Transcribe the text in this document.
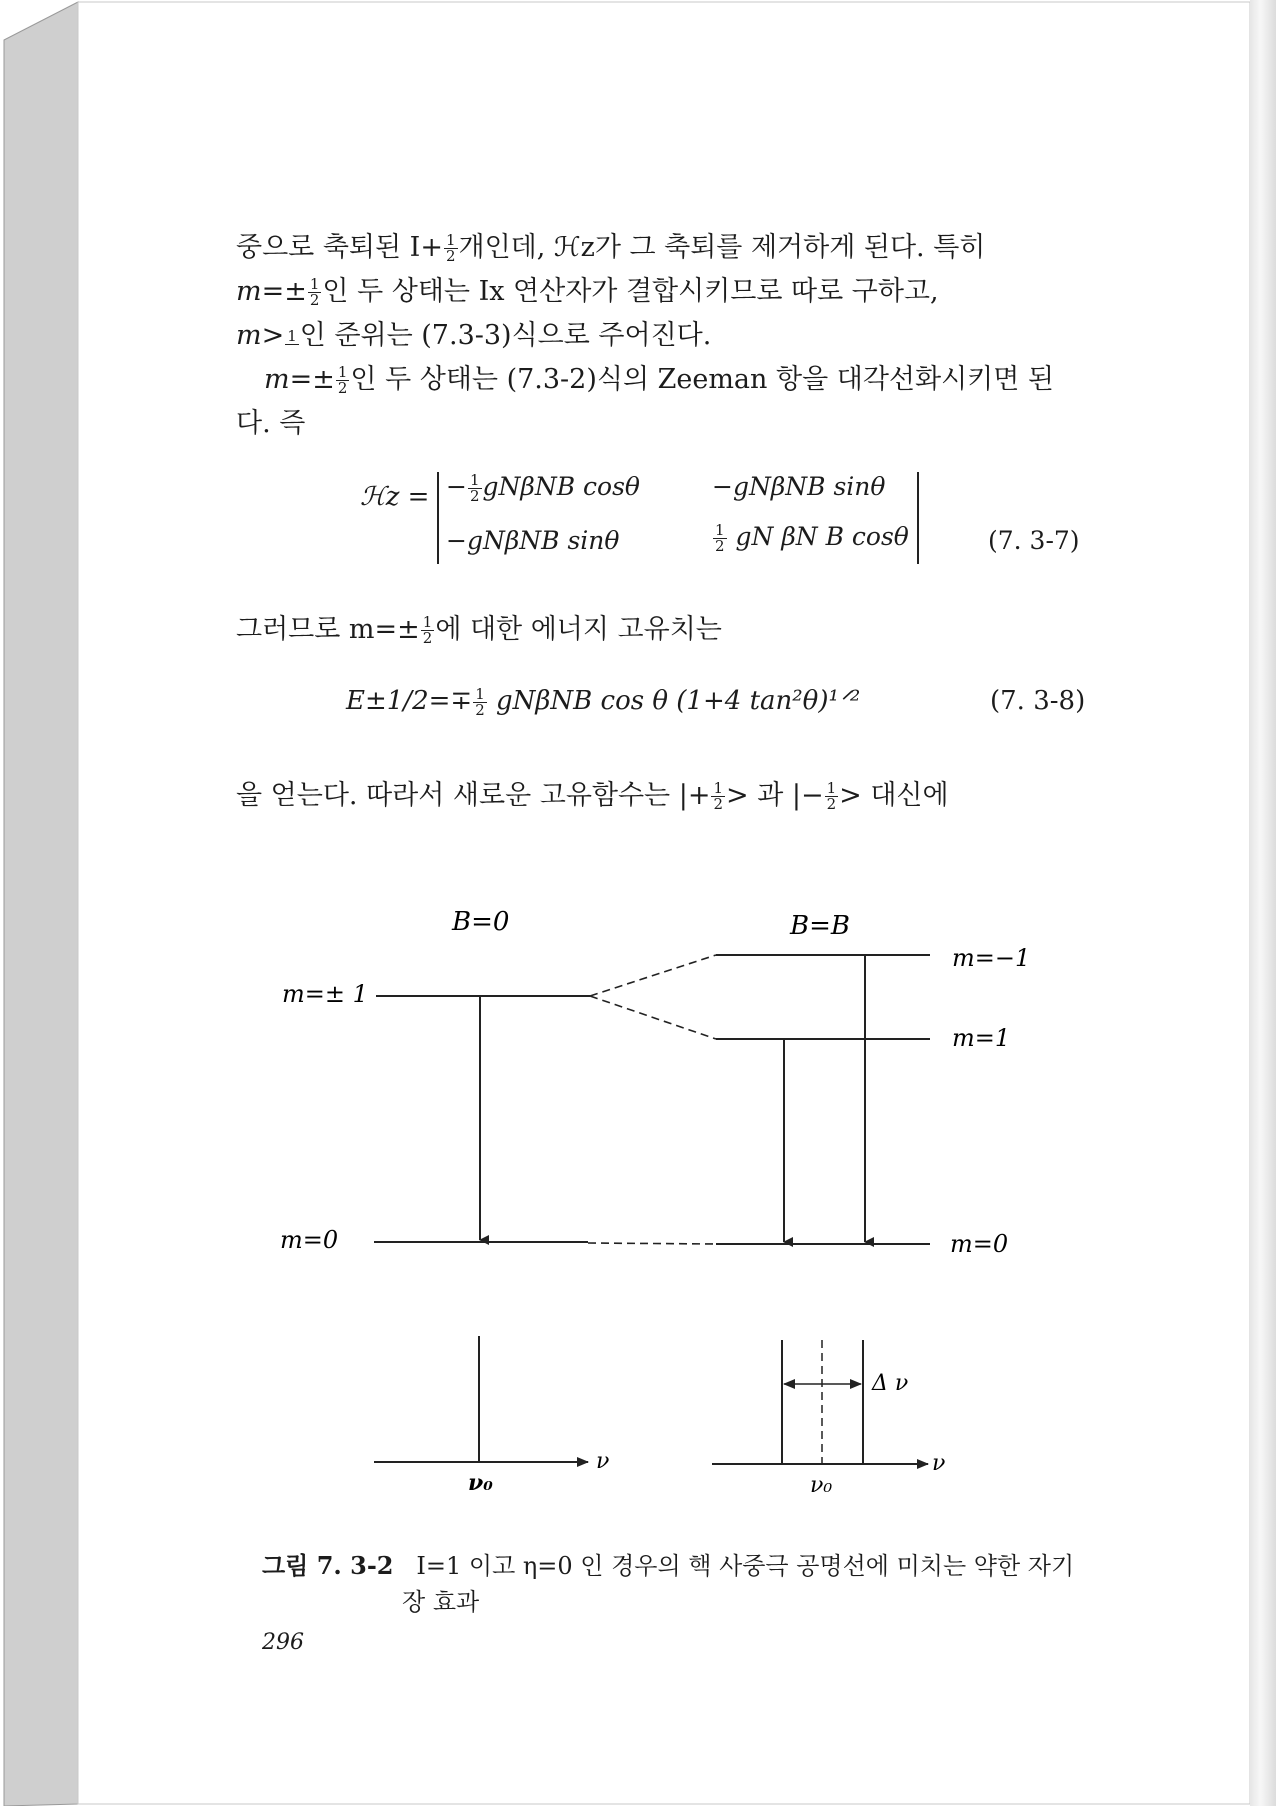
중으로 축퇴된 $I+ \frac{1}{2}$ 개인데, ℋz가 그 축퇴를 제거하게 된다. 특히
$m=\pm \frac{1}{2}$ 인 두 상태는 Ix 연산자가 결합시키므로 따로 구하고,
m> 1 인 준위는 (7.3-3)식으로 주어진다.
$m=\pm \frac{1}{2}$ 인 두 상태는 (7.3-2)식의 Zeeman 항을 대각선화시키면 된
다. 즉
ℋz = − $\frac{1}{2}$ gNβNB cosθ	−gNβNB sinθ
−gNβNB sinθ	$\frac{1}{2}$ gN βN B cosθ	(7. 3-7)
그러므로 $m=\pm \frac{1}{2}$ 에 대한 에너지 고유치는
$E\pm 1/2=\mp \frac{1}{2}$ gNβNB cos θ (1+4 tan²θ)¹ᐟ²	(7. 3-8)
을 얻는다. 따라서 새로운 고유함수는 |+ $\frac{1}{2}$ > 과 |− $\frac{1}{2}$ > 대신에
B=0	B=B
m=± 1
m=−1
m=1
m=0	m=0
ν
ν₀
Δ ν
ν
ν₀
그림 7. 3-2 I=1 이고 η=0 인 경우의 핵 사중극 공명선에 미치는 약한 자기
장 효과
296
